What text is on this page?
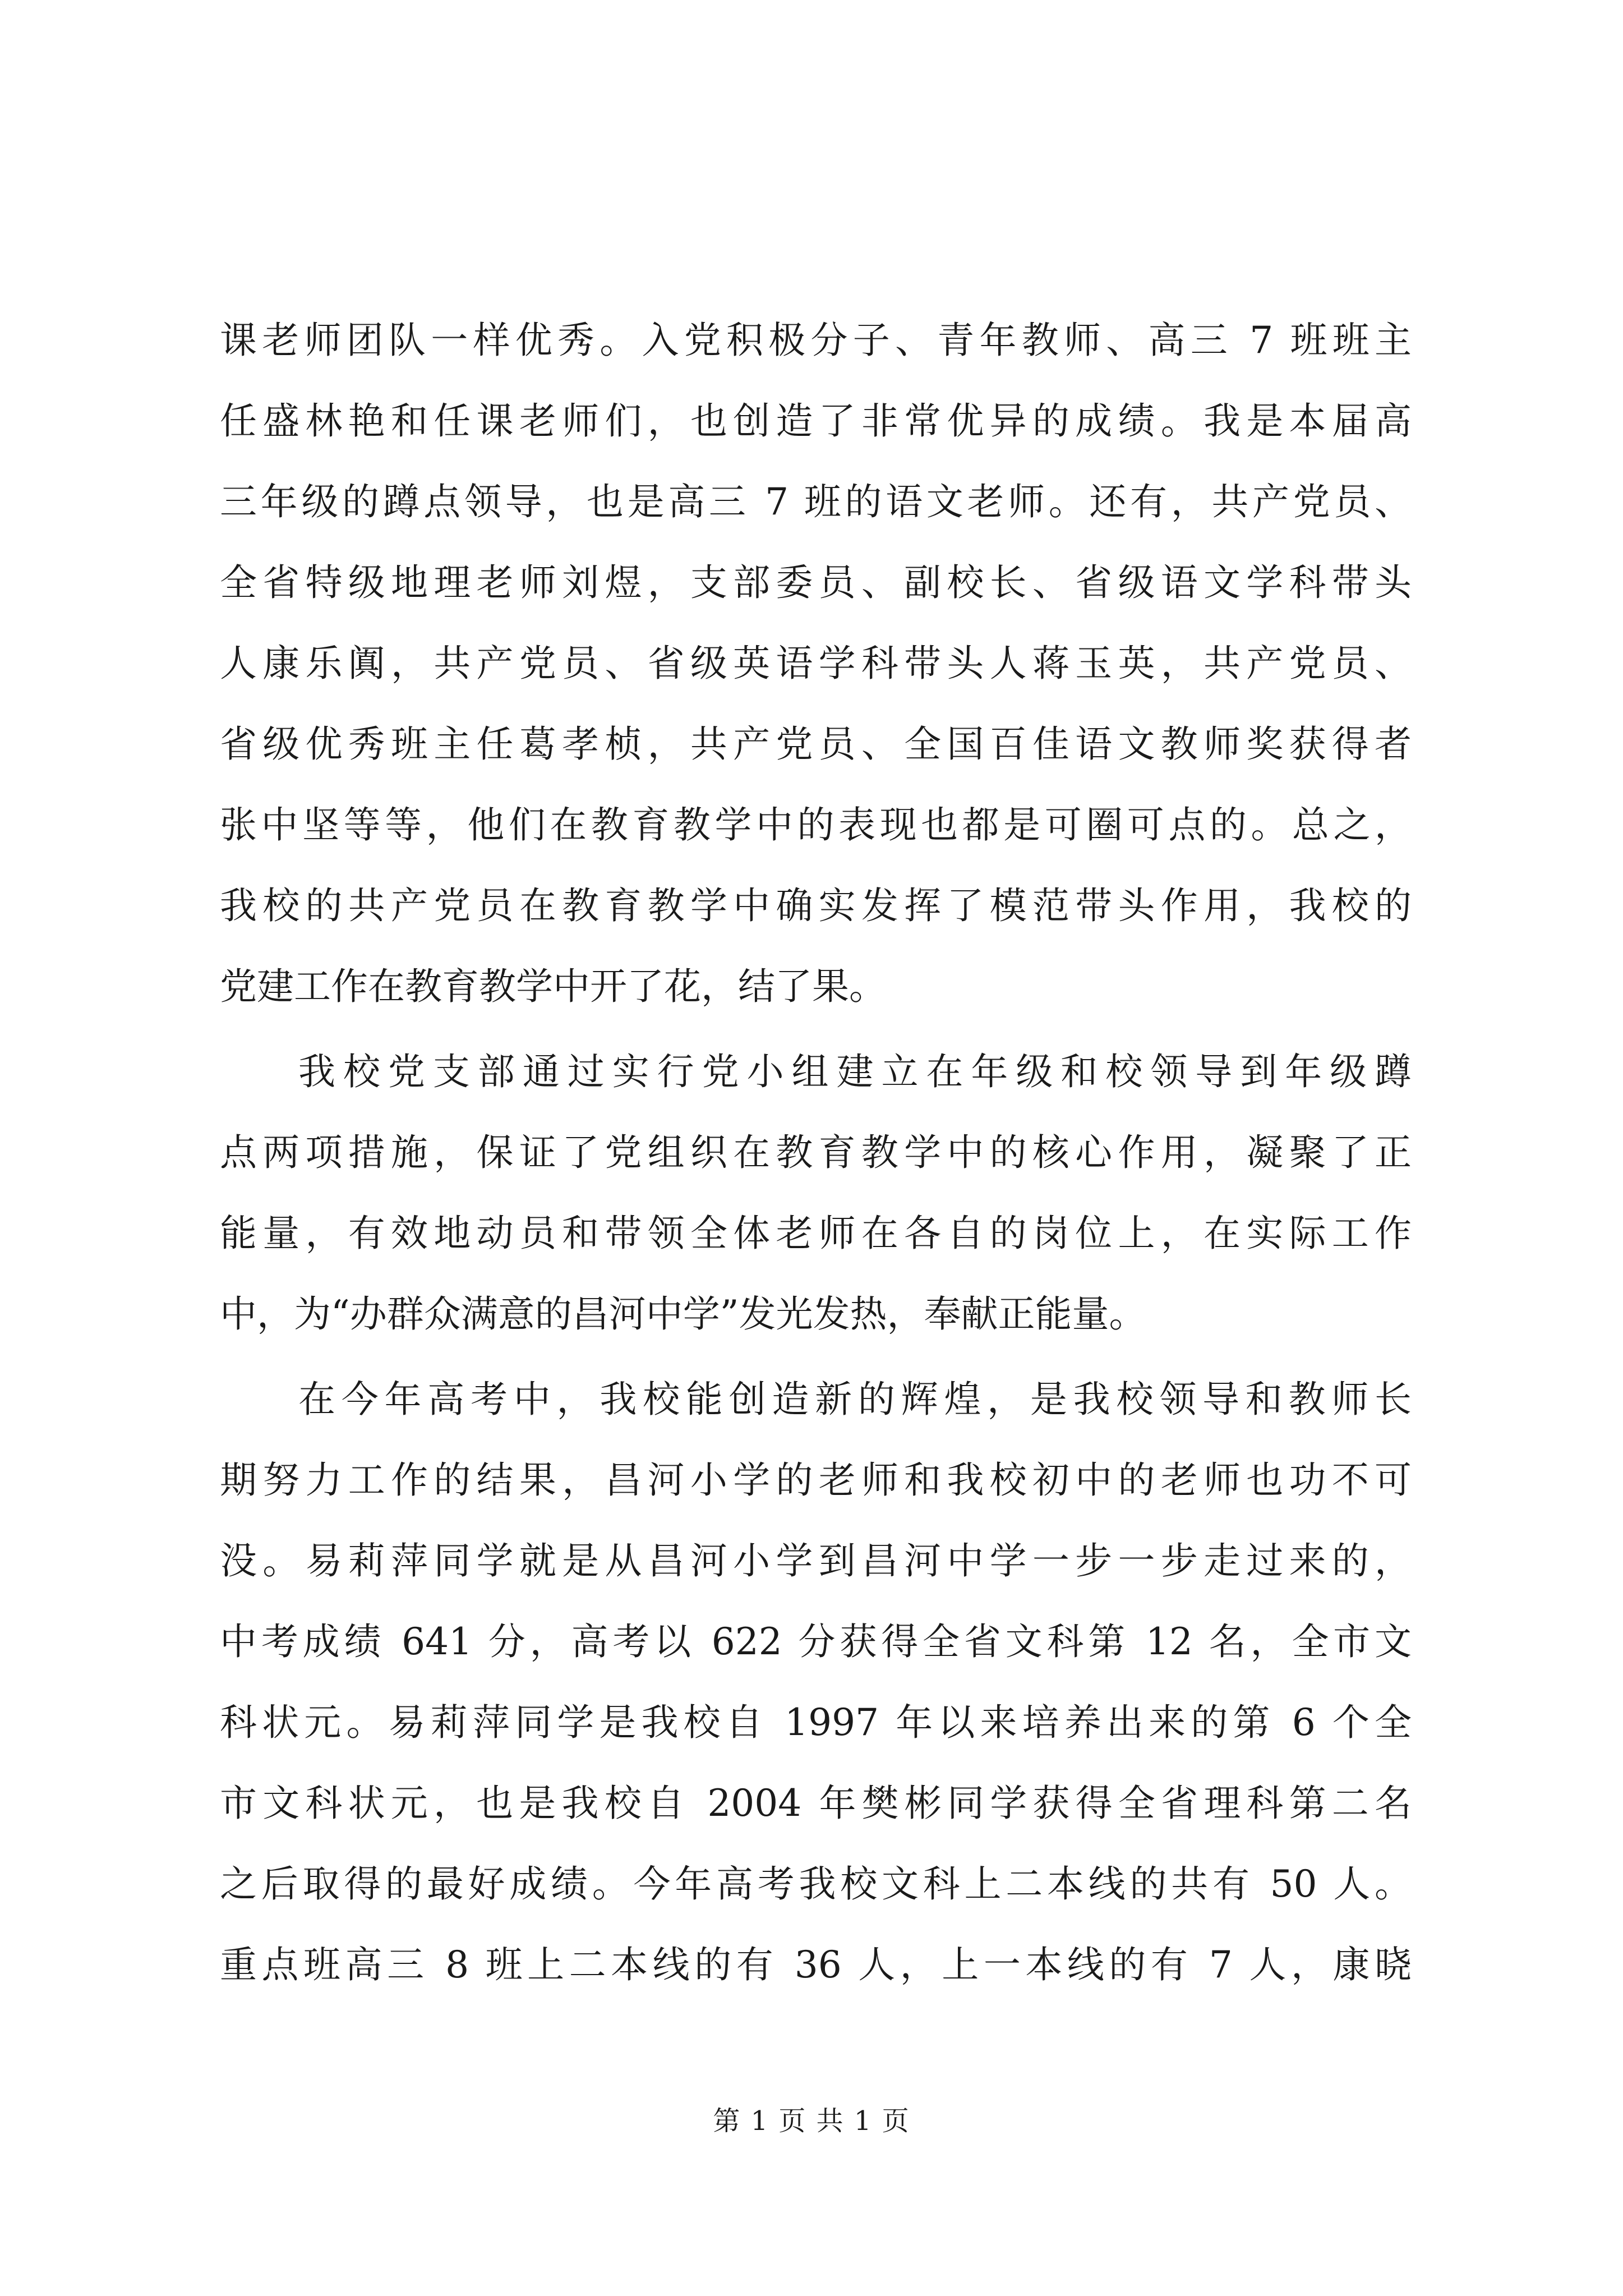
课老师团队一样优秀。入党积极分子、青年教师、高三 7 班班主
任盛林艳和任课老师们，也创造了非常优异的成绩。我是本届高
三年级的蹲点领导，也是高三 7 班的语文老师。还有，共产党员、
全省特级地理老师刘煜，支部委员、副校长、省级语文学科带头
人康乐阗，共产党员、省级英语学科带头人蒋玉英，共产党员、
省级优秀班主任葛孝桢，共产党员、全国百佳语文教师奖获得者
张中坚等等，他们在教育教学中的表现也都是可圈可点的。总之，
我校的共产党员在教育教学中确实发挥了模范带头作用，我校的
党建工作在教育教学中开了花，结了果。
我校党支部通过实行党小组建立在年级和校领导到年级蹲
点两项措施，保证了党组织在教育教学中的核心作用，凝聚了正
能量，有效地动员和带领全体老师在各自的岗位上，在实际工作
中，为“办群众满意的昌河中学”发光发热，奉献正能量。
在今年高考中，我校能创造新的辉煌，是我校领导和教师长
期努力工作的结果，昌河小学的老师和我校初中的老师也功不可
没。易莉萍同学就是从昌河小学到昌河中学一步一步走过来的，
中考成绩 641 分，高考以 622 分获得全省文科第 12 名，全市文
科状元。易莉萍同学是我校自 1997 年以来培养出来的第 6 个全
市文科状元，也是我校自 2004 年樊彬同学获得全省理科第二名
之后取得的最好成绩。今年高考我校文科上二本线的共有 50 人。
重点班高三 8 班上二本线的有 36 人，上一本线的有 7 人，康晓
第 1 页 共 1 页
